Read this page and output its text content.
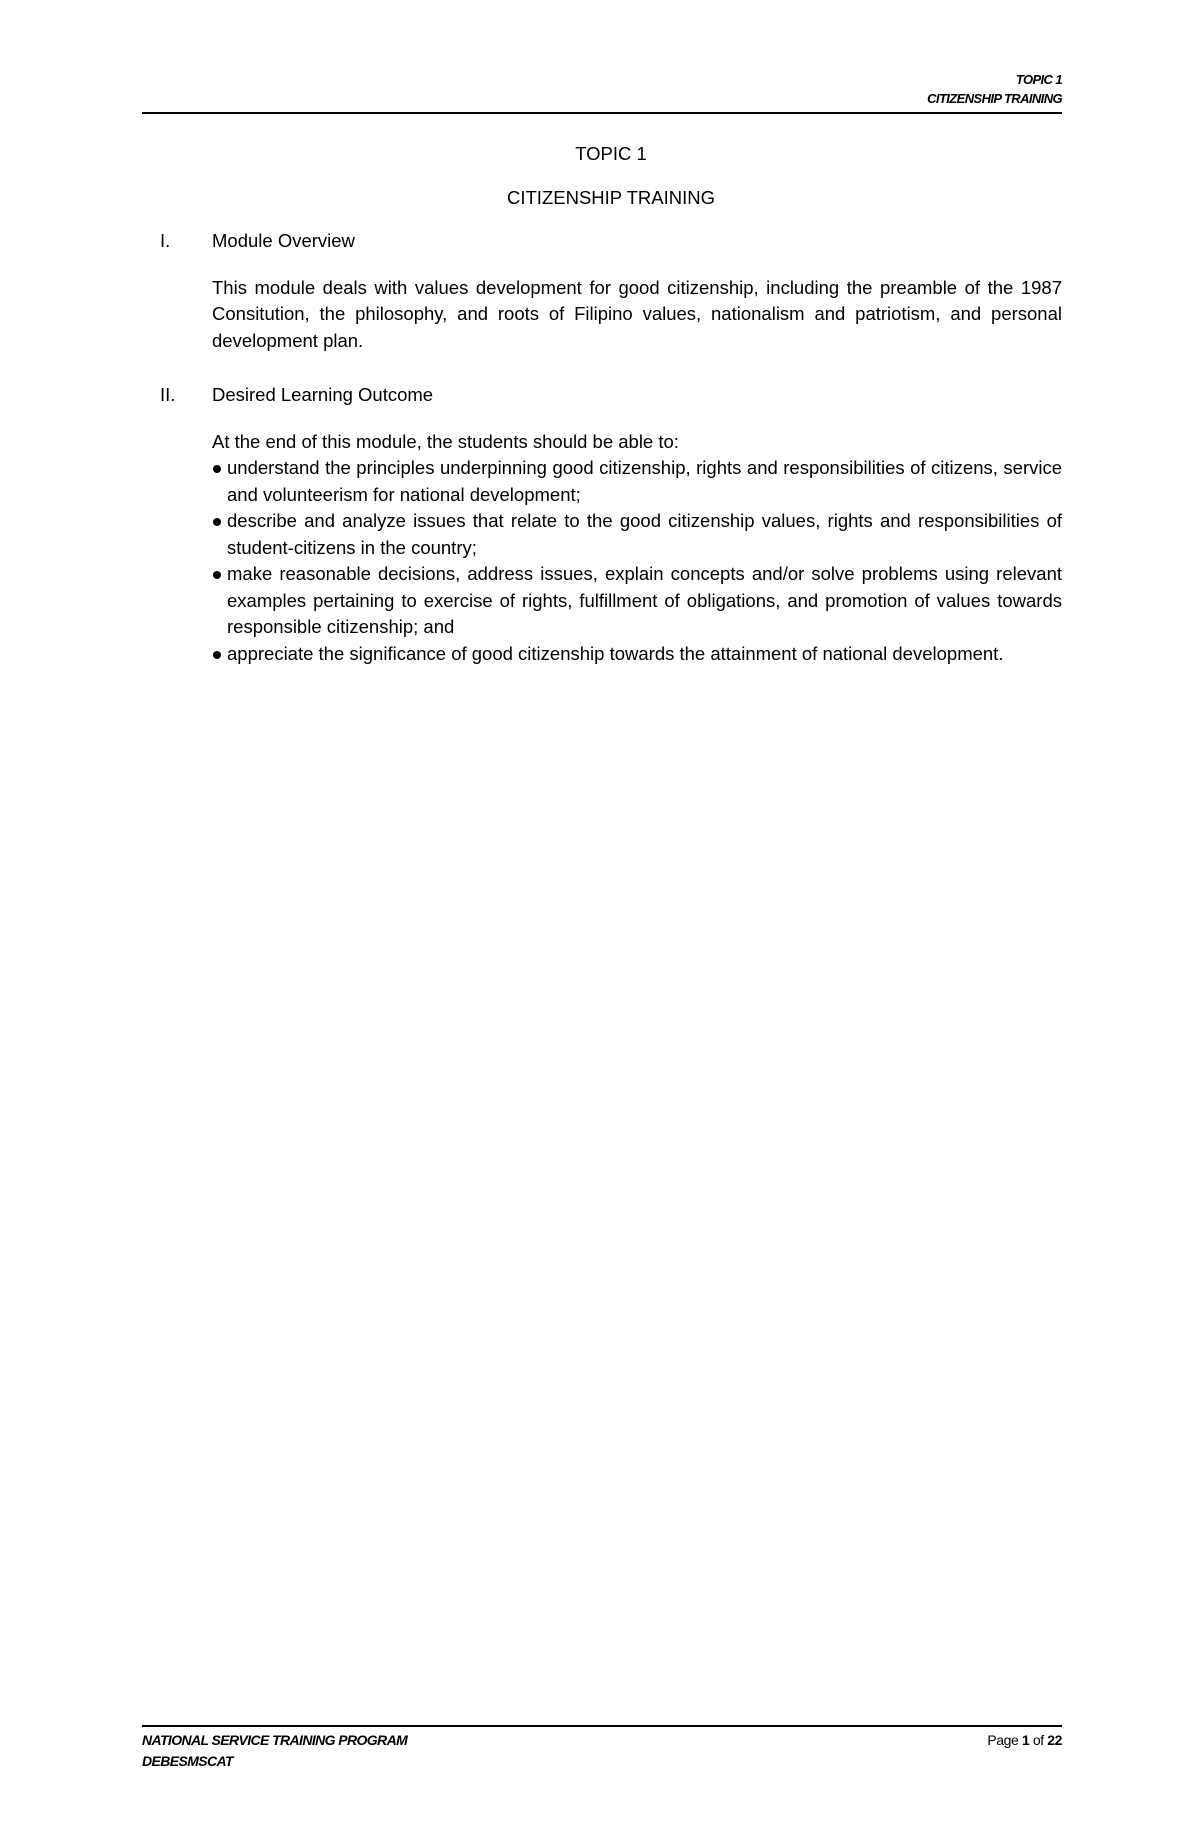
TOPIC 1
CITIZENSHIP TRAINING
TOPIC 1
CITIZENSHIP TRAINING
I.	Module Overview

This module deals with values development for good citizenship, including the preamble of the 1987 Consitution, the philosophy, and roots of Filipino values, nationalism and patriotism, and personal development plan.

II.	Desired Learning Outcome

At the end of this module, the students should be able to:

understand the principles underpinning good citizenship, rights and responsibilities of citizens, service and volunteerism for national development;
describe and analyze issues that relate to the good citizenship values, rights and responsibilities of student-citizens in the country;
make reasonable decisions, address issues, explain concepts and/or solve problems using relevant examples pertaining to exercise of rights, fulfillment of obligations, and promotion of values towards responsible citizenship; and
appreciate the significance of good citizenship towards the attainment of national development.
NATIONAL SERVICE TRAINING PROGRAM	Page 1 of 22
DEBESMSCAT
